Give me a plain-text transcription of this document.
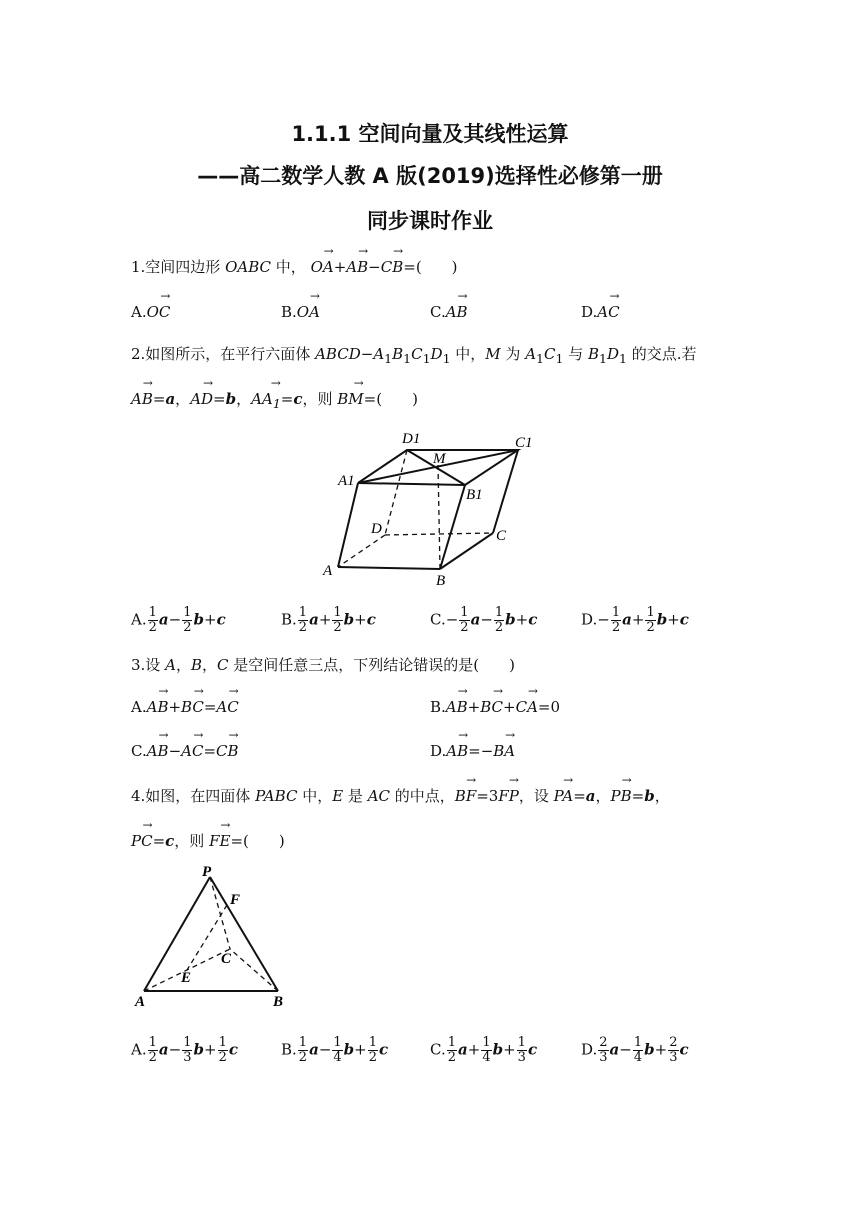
1.1.1 空间向量及其线性运算
——高二数学人教 A 版(2019)选择性必修第一册
同步课时作业
1.空间四边形 OABC 中， → OA+→ AB−→ CB=(　　)
A.→ OC	B.→ OA	C.→ AB	D.→ AC
2.如图所示，在平行六面体 $ABCD-A_1B_1C_1D_1$ 中，M 为 $A_1C_1$ 与 $B_1D_1$ 的交点.若
→ AB=a，→ AD=b，→ $AA_1=c$，则 → BM=(　　)
D1
M
C1
A1
B1
D	C
A
B
A. $\frac{1}{2} a- \frac{1}{2} b+c$	B. $\frac{1}{2} a+ \frac{1}{2} b+c$	$C.- \frac{1}{2} a- \frac{1}{2} b+c$	$D.- \frac{1}{2} a+ \frac{1}{2} b+c$
3.设 A，B，C 是空间任意三点，下列结论错误的是(　　)
A.→ AB+→ BC=→ AC	B.→ AB+→ BC+→ CA=0
C.→ AB−→ AC=→ CB	D.→ AB=−→ BA
4.如图，在四面体 PABC 中，E 是 AC 的中点，→ BF=3→ FP，设 → PA=a，→ PB=b，
→ PC=c，则 → FE=(　　)
P
F
C
E
A	B
A. $\frac{1}{2} a- \frac{1}{3} b+ \frac{1}{2}$ c	B. $\frac{1}{2} a- \frac{1}{4} b+ \frac{1}{2}$ c	C. $\frac{1}{2} a+ \frac{1}{4} b+ \frac{1}{3}$ c	D. $\frac{2}{3} a- \frac{1}{4} b+ \frac{2}{3}$ c
